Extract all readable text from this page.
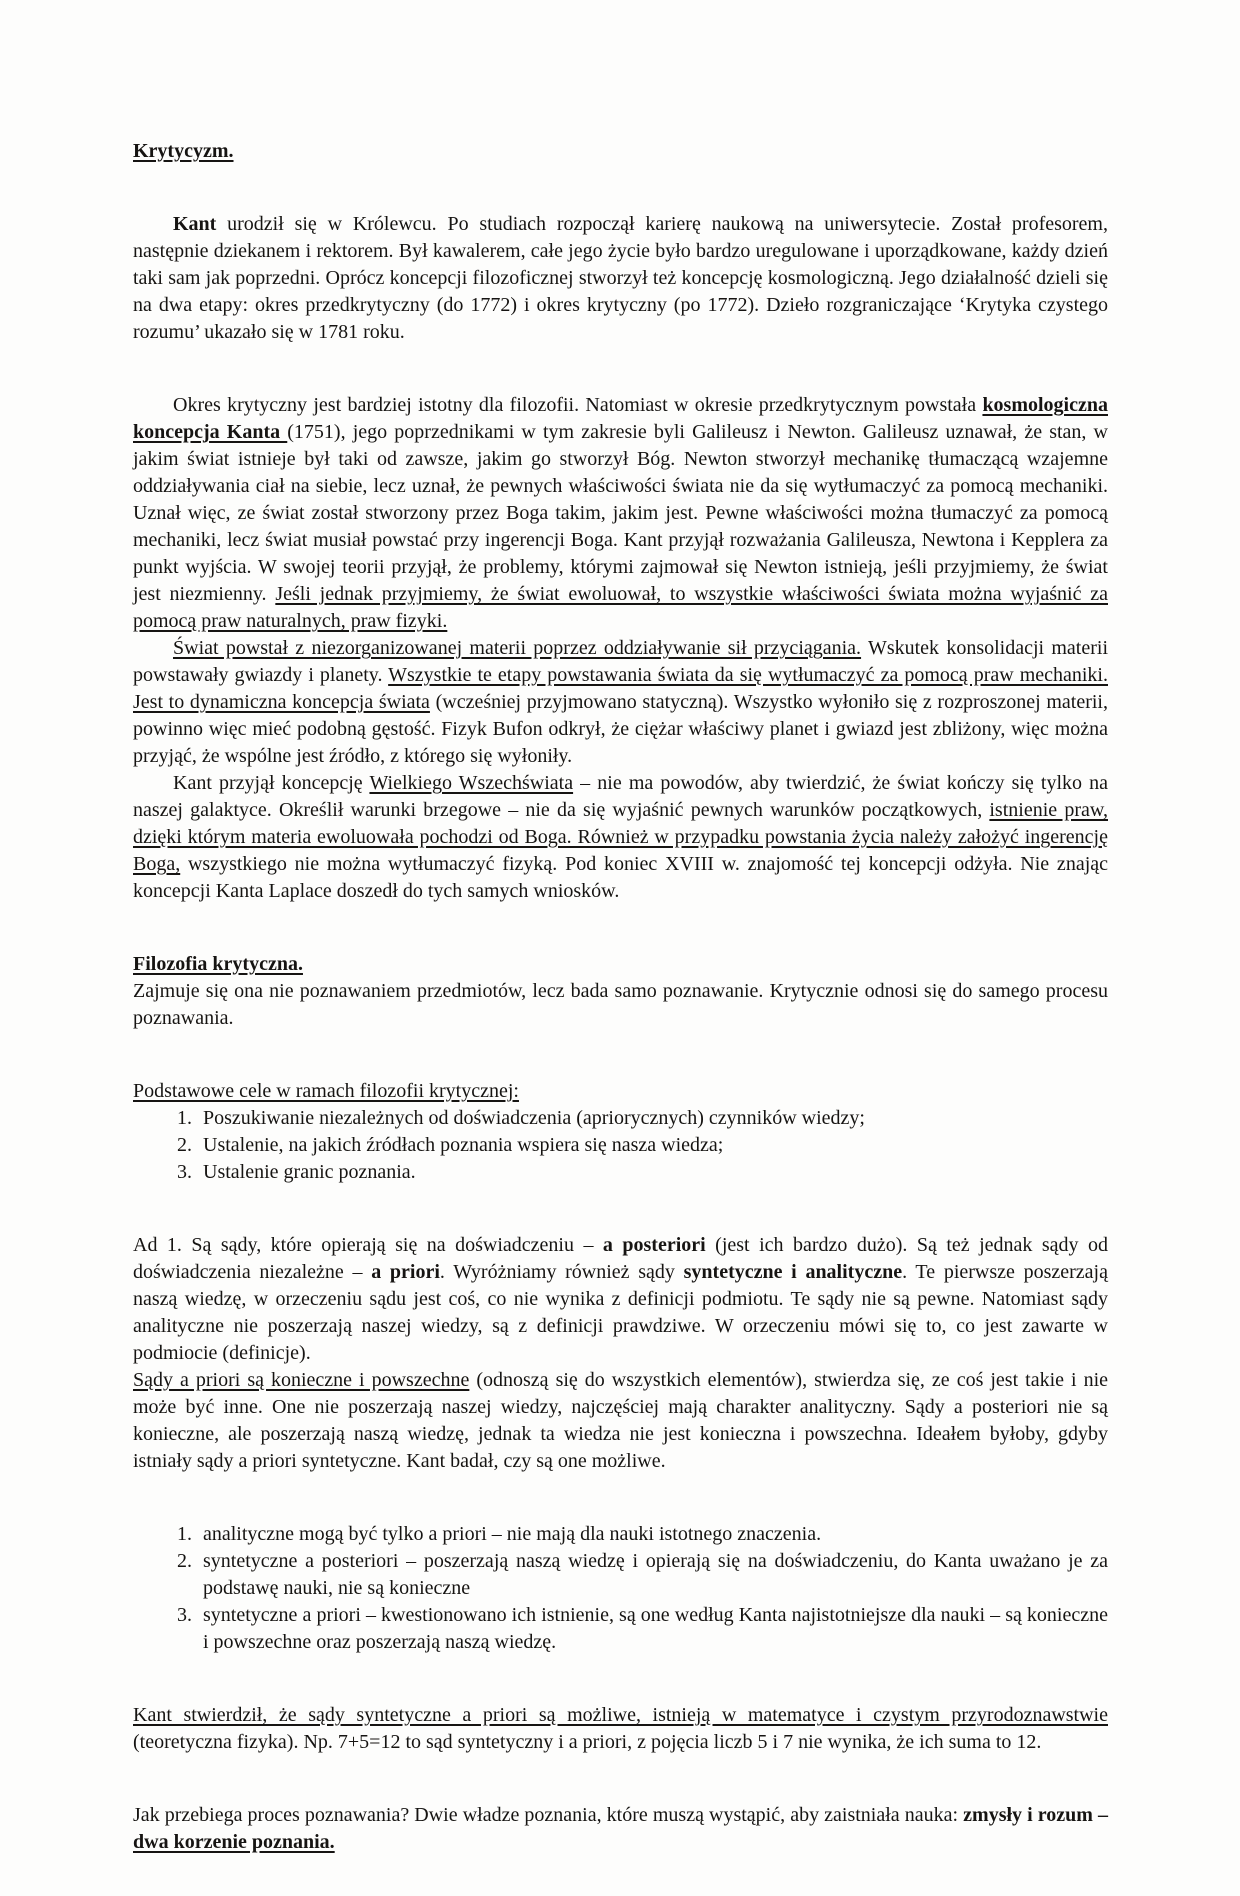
Krytycyzm.

Kant urodził się w Królewcu. Po studiach rozpoczął karierę naukową na uniwersytecie. Został profesorem, następnie dziekanem i rektorem. Był kawalerem, całe jego życie było bardzo uregulowane i uporządkowane, każdy dzień taki sam jak poprzedni. Oprócz koncepcji filozoficznej stworzył też koncepcję kosmologiczną. Jego działalność dzieli się na dwa etapy: okres przedkrytyczny (do 1772) i okres krytyczny (po 1772). Dzieło rozgraniczające ‘Krytyka czystego rozumu’ ukazało się w 1781 roku.

Okres krytyczny jest bardziej istotny dla filozofii. Natomiast w okresie przedkrytycznym powstała kosmologiczna koncepcja Kanta (1751), jego poprzednikami w tym zakresie byli Galileusz i Newton. Galileusz uznawał, że stan, w jakim świat istnieje był taki od zawsze, jakim go stworzył Bóg. Newton stworzył mechanikę tłumaczącą wzajemne oddziaływania ciał na siebie, lecz uznał, że pewnych właściwości świata nie da się wytłumaczyć za pomocą mechaniki. Uznał więc, ze świat został stworzony przez Boga takim, jakim jest. Pewne właściwości można tłumaczyć za pomocą mechaniki, lecz świat musiał powstać przy ingerencji Boga. Kant przyjął rozważania Galileusza, Newtona i Kepplera za punkt wyjścia. W swojej teorii przyjął, że problemy, którymi zajmował się Newton istnieją, jeśli przyjmiemy, że świat jest niezmienny. Jeśli jednak przyjmiemy, że świat ewoluował, to wszystkie właściwości świata można wyjaśnić za pomocą praw naturalnych, praw fizyki.

Świat powstał z niezorganizowanej materii poprzez oddziaływanie sił przyciągania. Wskutek konsolidacji materii powstawały gwiazdy i planety. Wszystkie te etapy powstawania świata da się wytłumaczyć za pomocą praw mechaniki. Jest to dynamiczna koncepcja świata (wcześniej przyjmowano statyczną). Wszystko wyłoniło się z rozproszonej materii, powinno więc mieć podobną gęstość. Fizyk Bufon odkrył, że ciężar właściwy planet i gwiazd jest zbliżony, więc można przyjąć, że wspólne jest źródło, z którego się wyłoniły.

Kant przyjął koncepcję Wielkiego Wszechświata – nie ma powodów, aby twierdzić, że świat kończy się tylko na naszej galaktyce. Określił warunki brzegowe – nie da się wyjaśnić pewnych warunków początkowych, istnienie praw, dzięki którym materia ewoluowała pochodzi od Boga. Również w przypadku powstania życia należy założyć ingerencję Boga, wszystkiego nie można wytłumaczyć fizyką. Pod koniec XVIII w. znajomość tej koncepcji odżyła. Nie znając koncepcji Kanta Laplace doszedł do tych samych wniosków.

Filozofia krytyczna.

Zajmuje się ona nie poznawaniem przedmiotów, lecz bada samo poznawanie. Krytycznie odnosi się do samego procesu poznawania.

Podstawowe cele w ramach filozofii krytycznej:

1. Poszukiwanie niezależnych od doświadczenia (apriorycznych) czynników wiedzy;
2. Ustalenie, na jakich źródłach poznania wspiera się nasza wiedza;
3. Ustalenie granic poznania.

Ad 1. Są sądy, które opierają się na doświadczeniu – a posteriori (jest ich bardzo dużo). Są też jednak sądy od doświadczenia niezależne – a priori. Wyróżniamy również sądy syntetyczne i analityczne. Te pierwsze poszerzają naszą wiedzę, w orzeczeniu sądu jest coś, co nie wynika z definicji podmiotu. Te sądy nie są pewne. Natomiast sądy analityczne nie poszerzają naszej wiedzy, są z definicji prawdziwe. W orzeczeniu mówi się to, co jest zawarte w podmiocie (definicje).

Sądy a priori są konieczne i powszechne (odnoszą się do wszystkich elementów), stwierdza się, ze coś jest takie i nie może być inne. One nie poszerzają naszej wiedzy, najczęściej mają charakter analityczny. Sądy a posteriori nie są konieczne, ale poszerzają naszą wiedzę, jednak ta wiedza nie jest konieczna i powszechna. Ideałem byłoby, gdyby istniały sądy a priori syntetyczne. Kant badał, czy są one możliwe.

1. analityczne mogą być tylko a priori – nie mają dla nauki istotnego znaczenia.
2. syntetyczne a posteriori – poszerzają naszą wiedzę i opierają się na doświadczeniu, do Kanta uważano je za podstawę nauki, nie są konieczne
3. syntetyczne a priori – kwestionowano ich istnienie, są one według Kanta najistotniejsze dla nauki – są konieczne i powszechne oraz poszerzają naszą wiedzę.

Kant stwierdził, że sądy syntetyczne a priori są możliwe, istnieją w matematyce i czystym przyrodoznawstwie (teoretyczna fizyka). Np. 7+5=12 to sąd syntetyczny i a priori, z pojęcia liczb 5 i 7 nie wynika, że ich suma to 12.

Jak przebiega proces poznawania? Dwie władze poznania, które muszą wystąpić, aby zaistniała nauka: zmysły i rozum – dwa korzenie poznania.
